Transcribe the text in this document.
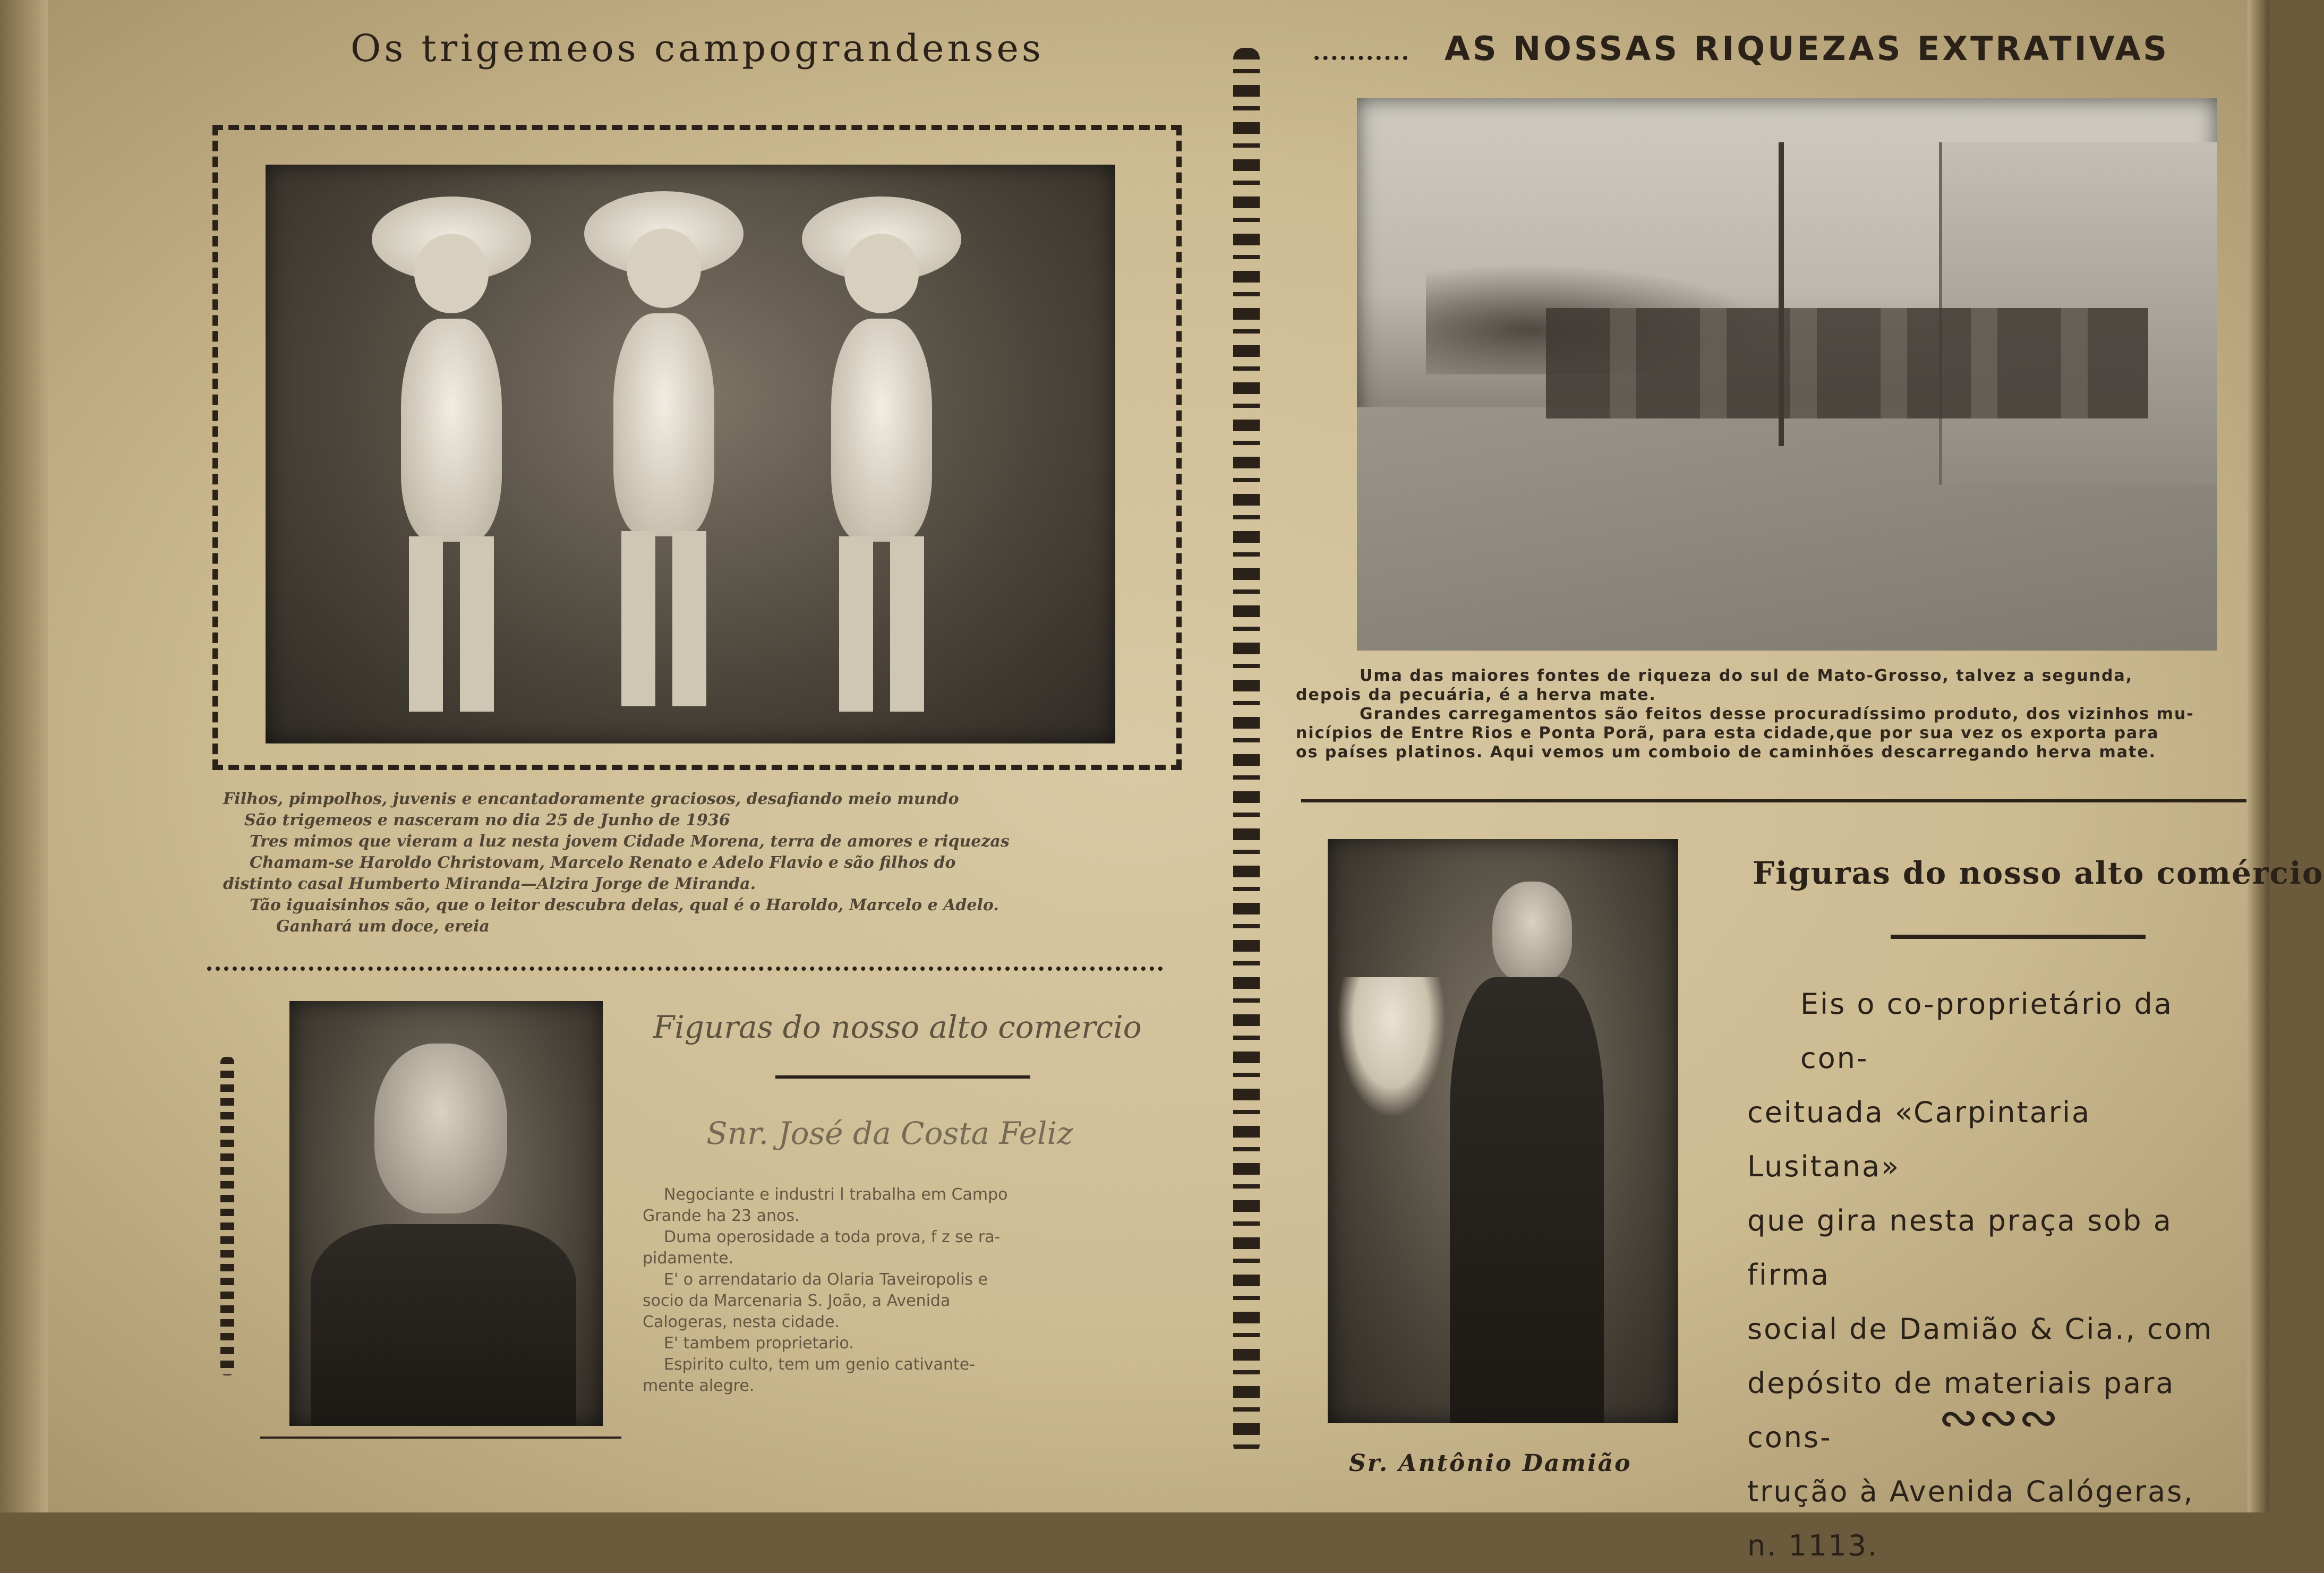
Os trigemeos campograndenses

Filhos, pimpolhos, juvenis e encantadoramente graciosos, desafiando meio mundo

São trigemeos e nasceram no dia 25 de Junho de 1936

Tres mimos que vieram a luz nesta jovem Cidade Morena, terra de amores e riquezas

Chamam-se Haroldo Christovam, Marcelo Renato e Adelo Flavio e são filhos do

distinto casal Humberto Miranda—Alzira Jorge de Miranda.

Tão iguaisinhos são, que o leitor descubra delas, qual é o Haroldo, Marcelo e Adelo.

Ganhará um doce, ereia

Figuras do nosso alto comercio
Snr. José da Costa Feliz

Negociante e industri l trabalha em Campo

Grande ha 23 anos.

Duma operosidade a toda prova, f z se ra-

pidamente.

E' o arrendatario da Olaria Taveiropolis e

socio da Marcenaria S. João, a Avenida

Calogeras, nesta cidade.

E' tambem proprietario.

Espirito culto, tem um genio cativante-

mente alegre.

AS NOSSAS RIQUEZAS EXTRATIVAS

Uma das maiores fontes de riqueza do sul de Mato-Grosso, talvez a segunda,

depois da pecuária, é a herva mate.

Grandes carregamentos são feitos desse procuradíssimo produto, dos vizinhos mu-

nicípios de Entre Rios e Ponta Porã, para esta cidade,que por sua vez os exporta para

os países platinos. Aqui vemos um comboio de caminhões descarregando herva mate.

Sr. Antônio Damião
Figuras do nosso alto comércio

Eis o co-proprietário da con-

ceituada «Carpintaria Lusitana»

que gira nesta praça sob a firma

social de Damião & Cia., com

depósito de materiais para cons-

trução à Avenida Calógeras,

n. 1113.

∾∾∾
